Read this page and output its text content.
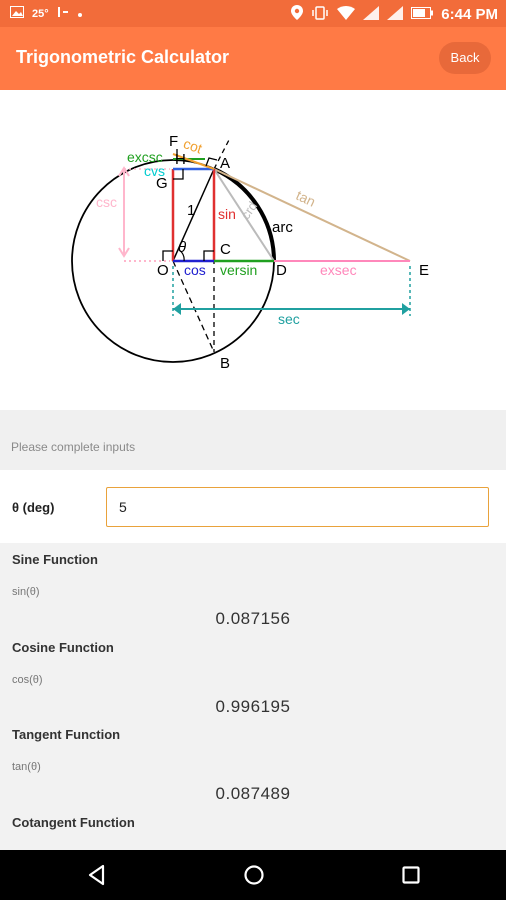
25°	6:44 PM
Trigonometric Calculator	Back
F
H A
G
O
C
D	E
B
excsc
cot
cvs
csc	1 sin crd
arc
tan
θ
cos versin	exsec
sec
Please complete inputs
θ (deg)
5
Sine Function
sin(θ)
0.087156
Cosine Function
cos(θ)
0.996195
Tangent Function
tan(θ)
0.087489
Cotangent Function
